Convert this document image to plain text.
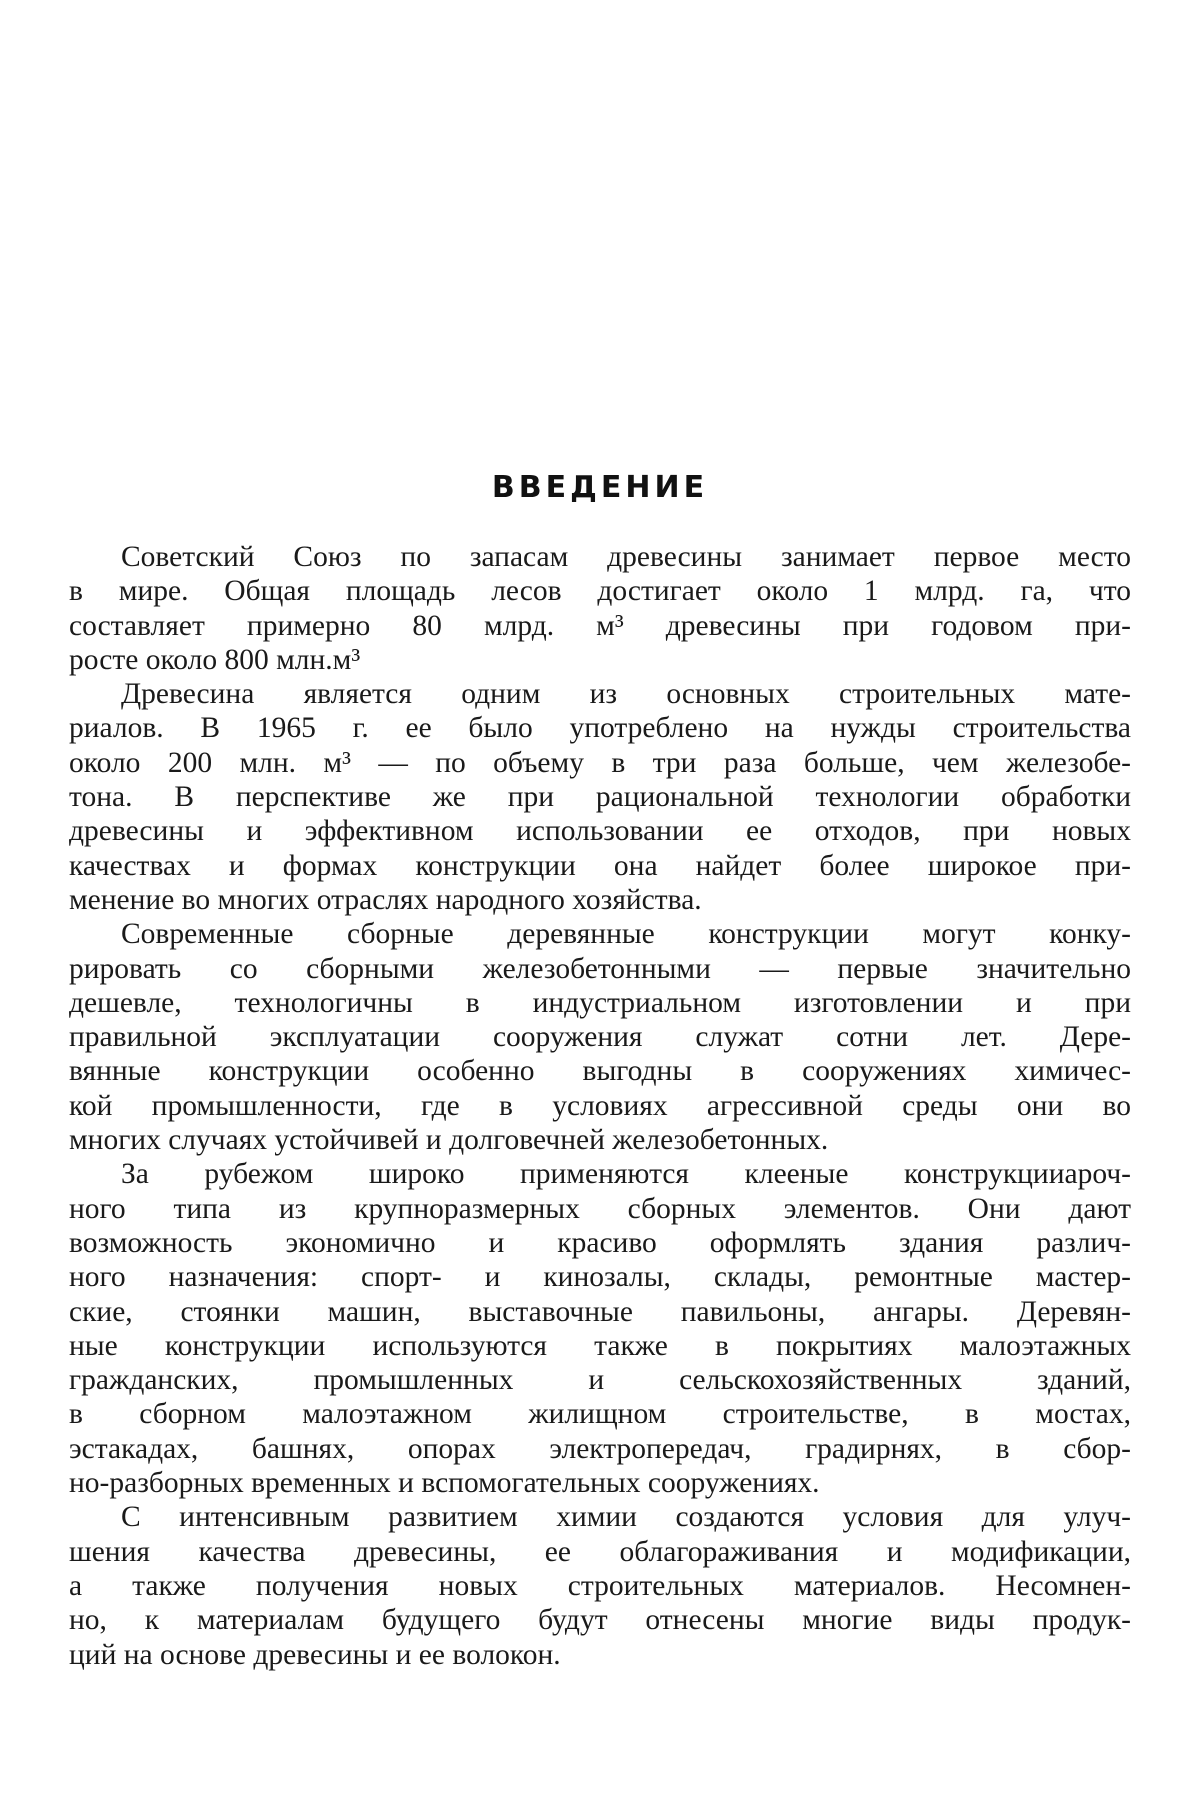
ВВЕДЕНИЕ

Советский Союз по запасам древесины занимает первое место
в мире. Общая площадь лесов достигает около 1 млрд. га, что
составляет примерно 80 млрд. м³ древесины при годовом при-
росте около 800 млн.м³

Древесина является одним из основных строительных мате-
риалов. В 1965 г. ее было употреблено на нужды строительства
около 200 млн. м³ — по объему в три раза больше, чем железобе-
тона. В перспективе же при рациональной технологии обработки
древесины и эффективном использовании ее отходов, при новых
качествах и формах конструкции она найдет более широкое при-
менение во многих отраслях народного хозяйства.

Современные сборные деревянные конструкции могут конку-
рировать со сборными железобетонными — первые значительно
дешевле, технологичны в индустриальном изготовлении и при
правильной эксплуатации сооружения служат сотни лет. Дере-
вянные конструкции особенно выгодны в сооружениях химичес-
кой промышленности, где в условиях агрессивной среды они во
многих случаях устойчивей и долговечней железобетонных.

За рубежом широко применяются клееные конструкцииароч-
ного типа из крупноразмерных сборных элементов. Они дают
возможность экономично и красиво оформлять здания различ-
ного назначения: спорт- и кинозалы, склады, ремонтные мастер-
ские, стоянки машин, выставочные павильоны, ангары. Деревян-
ные конструкции используются также в покрытиях малоэтажных
гражданских, промышленных и сельскохозяйственных зданий,
в сборном малоэтажном жилищном строительстве, в мостах,
эстакадах, башнях, опорах электропередач, градирнях, в сбор-
но-разборных временных и вспомогательных сооружениях.

С интенсивным развитием химии создаются условия для улуч-
шения качества древесины, ее облагораживания и модификации,
а также получения новых строительных материалов. Несомнен-
но, к материалам будущего будут отнесены многие виды продук-
ций на основе древесины и ее волокон.
